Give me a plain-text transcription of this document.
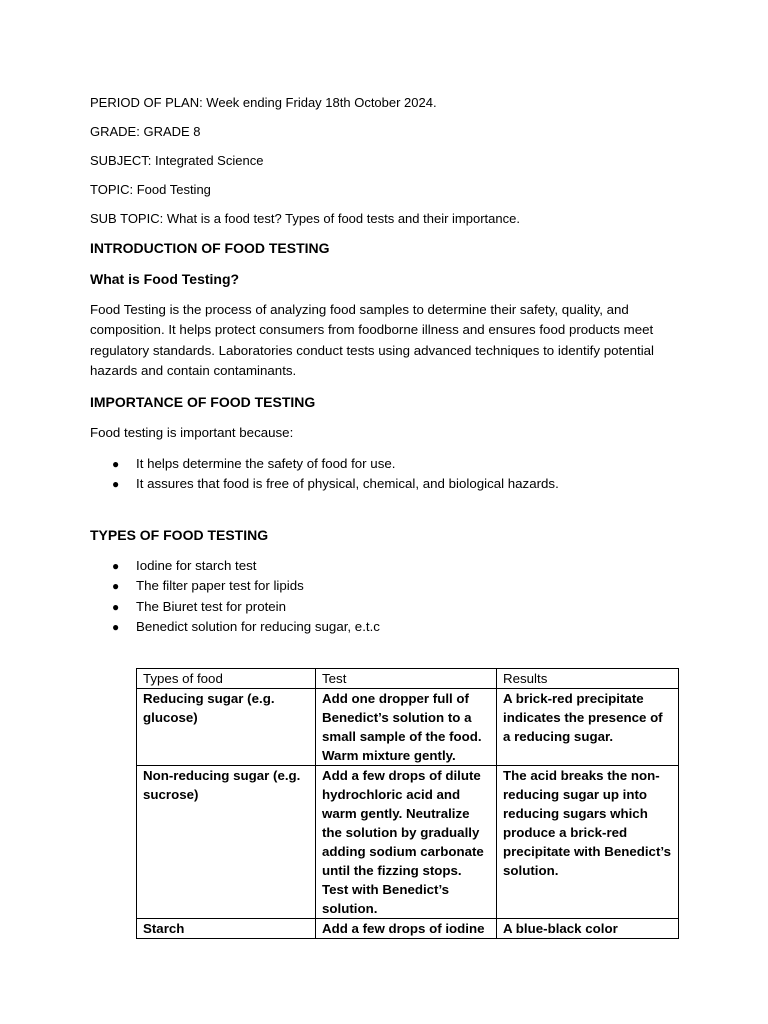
PERIOD OF PLAN: Week ending Friday 18th October 2024.

GRADE: GRADE 8

SUBJECT: Integrated Science

TOPIC: Food Testing

SUB TOPIC: What is a food test? Types of food tests and their importance.

INTRODUCTION OF FOOD TESTING
What is Food Testing?

Food Testing is the process of analyzing food samples to determine their safety, quality, and composition. It helps protect consumers from foodborne illness and ensures food products meet regulatory standards. Laboratories conduct tests using advanced techniques to identify potential hazards and contain contaminants.

IMPORTANCE OF FOOD TESTING

Food testing is important because:

● It helps determine the safety of food for use.
● It assures that food is free of physical, chemical, and biological hazards.
TYPES OF FOOD TESTING
● Iodine for starch test
● The filter paper test for lipids
● The Biuret test for protein
● Benedict solution for reducing sugar, e.t.c
Types of food	Test	Results
Reducing sugar (e.g. glucose)	Add one dropper full of Benedict’s solution to a small sample of the food. Warm mixture gently.	A brick-red precipitate indicates the presence of a reducing sugar.
Non-reducing sugar (e.g. sucrose)	Add a few drops of dilute hydrochloric acid and warm gently. Neutralize the solution by gradually adding sodium carbonate until the fizzing stops. Test with Benedict’s solution.	The acid breaks the non-reducing sugar up into reducing sugars which produce a brick-red precipitate with Benedict’s solution.
Starch	Add a few drops of iodine	A blue-black color
